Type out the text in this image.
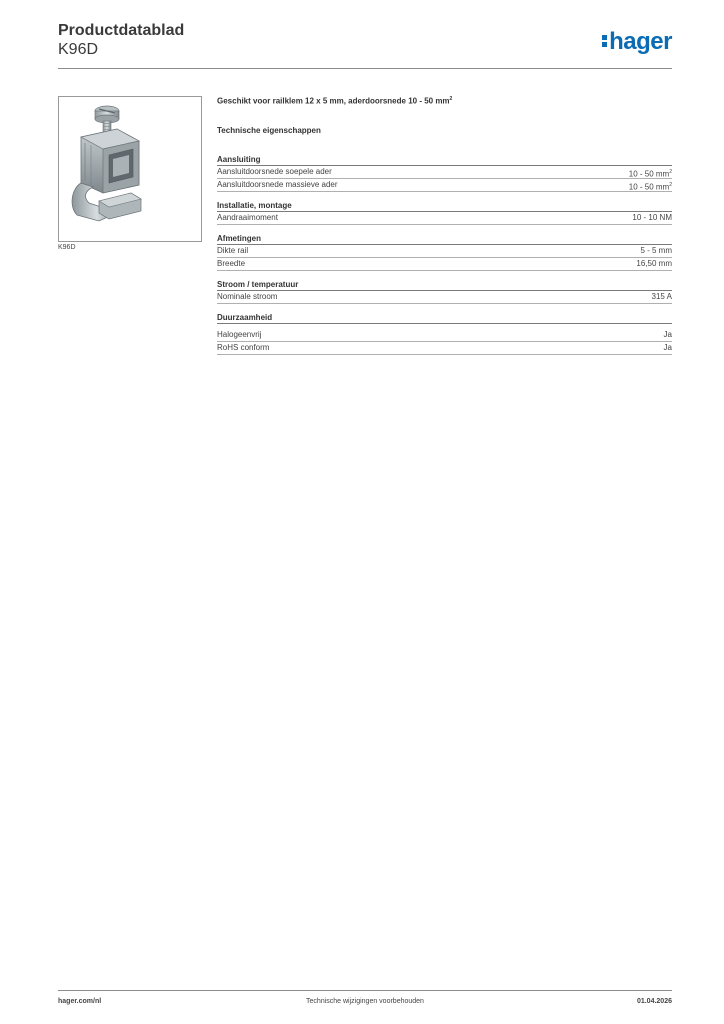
Productdatablad
K96D	hager
K96D
Geschikt voor railklem 12 x 5 mm, aderdoorsnede 10 - 50 $mm^2$
Technische eigenschappen
Aansluiting
Aansluitdoorsnede soepele ader	10 - 50 $mm^2$
Aansluitdoorsnede massieve ader	10 - 50 $mm^2$
Installatie, montage
Aandraaimoment	10 - 10 NM
Afmetingen
Dikte rail	5 - 5 mm
Breedte	16,50 mm
Stroom / temperatuur
Nominale stroom	315 A
Duurzaamheid
Halogeenvrij	Ja
RoHS conform	Ja
hager.com/nl	Technische wijzigingen voorbehouden	01.04.2026
